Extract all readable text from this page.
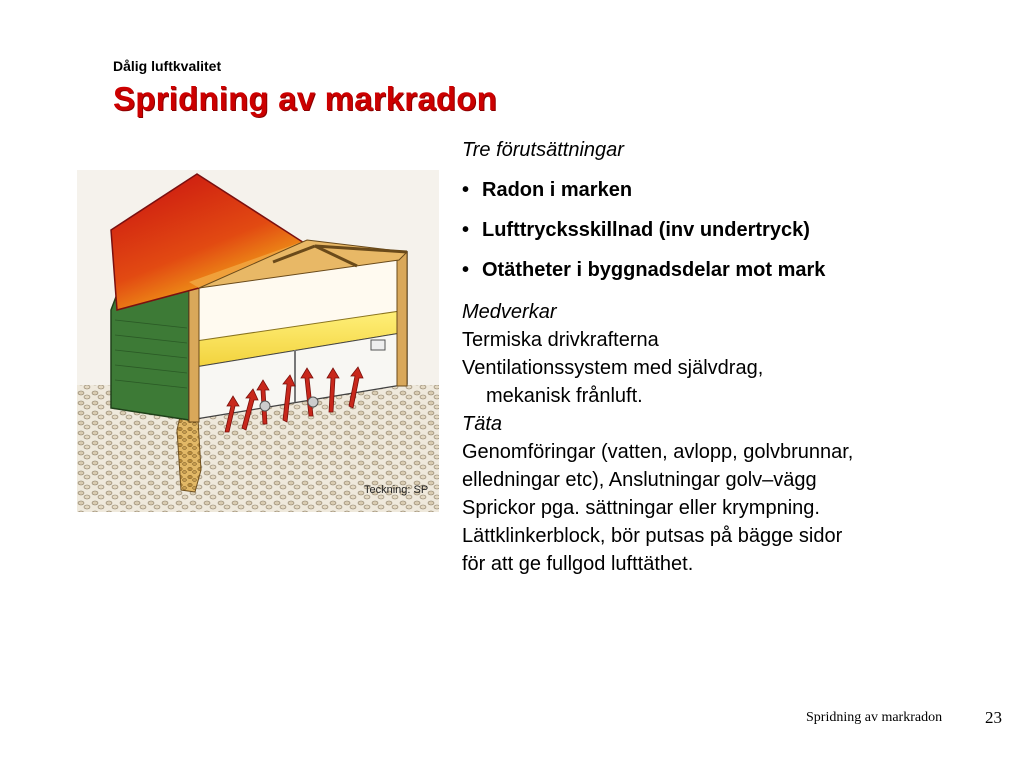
Dålig luftkvalitet
Spridning av markradon
Teckning: SP

Tre förutsättningar

• Radon i marken
• Lufttrycksskillnad (inv undertryck)
• Otätheter i byggnadsdelar mot mark

Medverkar

Termiska drivkrafterna

Ventilationssystem med självdrag,

mekanisk frånluft.

Täta

Genomföringar (vatten, avlopp, golvbrunnar,

elledningar etc), Anslutningar golv–vägg

Sprickor pga. sättningar eller krympning.

Lättklinkerblock, bör putsas på bägge sidor

för att ge fullgod lufttäthet.

Spridning av markradon	23
